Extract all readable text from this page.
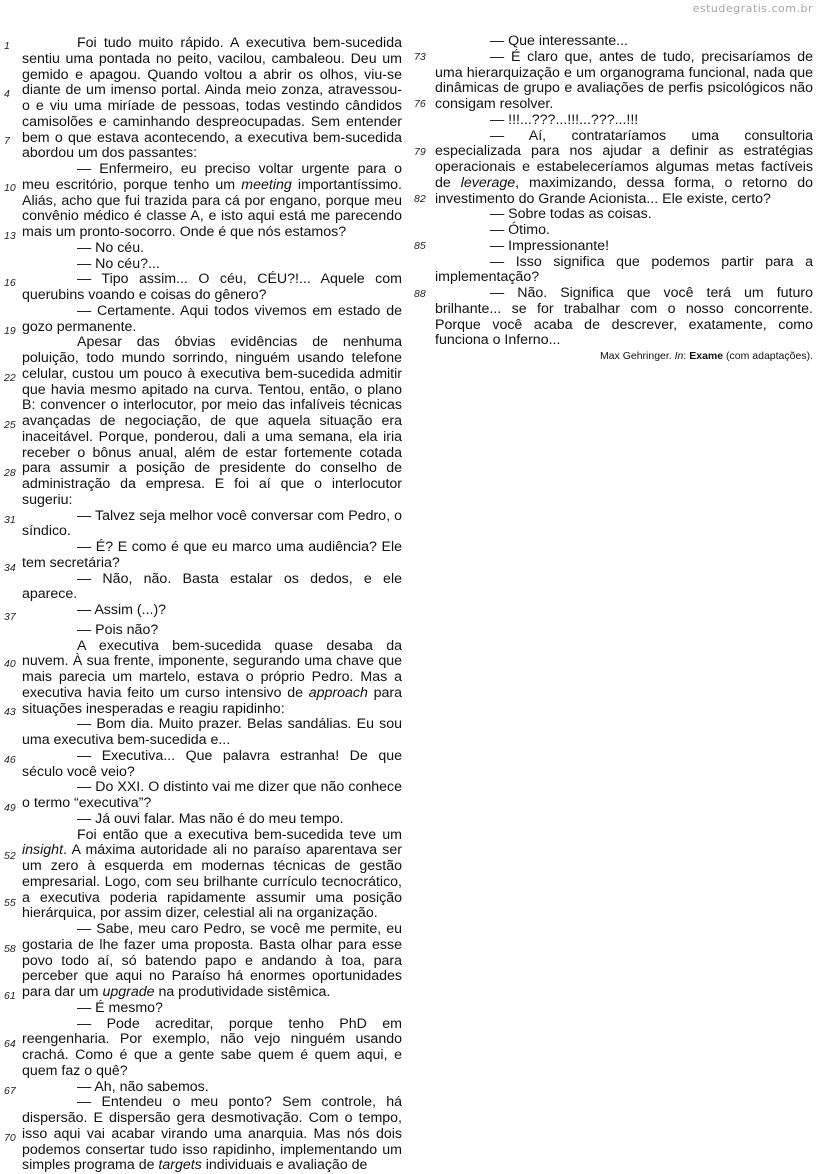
estudegratis.com.br
1
4
7
10
13
16
19
22
25
28
31
34
37
40
43
46
49
52
55
58
61
64
67
70
73
76
79
82
85
88

Foi tudo muito rápido. A executiva bem-sucedida sentiu uma pontada no peito, vacilou, cambaleou. Deu um gemido e apagou. Quando voltou a abrir os olhos, viu-se diante de um imenso portal. Ainda meio zonza, atravessou-o e viu uma miríade de pessoas, todas vestindo cândidos camisolões e caminhando despreocupadas. Sem entender bem o que estava acontecendo, a executiva bem-sucedida abordou um dos passantes:

— Enfermeiro, eu preciso voltar urgente para o meu escritório, porque tenho um meeting importantíssimo. Aliás, acho que fui trazida para cá por engano, porque meu convênio médico é classe A, e isto aqui está me parecendo mais um pronto-socorro. Onde é que nós estamos?

— No céu.

— No céu?...

— Tipo assim... O céu, CÉU?!... Aquele com querubins voando e coisas do gênero?

— Certamente. Aqui todos vivemos em estado de gozo permanente.

Apesar das óbvias evidências de nenhuma poluição, todo mundo sorrindo, ninguém usando telefone celular, custou um pouco à executiva bem-sucedida admitir que havia mesmo apitado na curva. Tentou, então, o plano B: convencer o interlocutor, por meio das infalíveis técnicas avançadas de negociação, de que aquela situação era inaceitável. Porque, ponderou, dali a uma semana, ela iria receber o bônus anual, além de estar fortemente cotada para assumir a posição de presidente do conselho de administração da empresa. E foi aí que o interlocutor sugeriu:

— Talvez seja melhor você conversar com Pedro, o síndico.

— É? E como é que eu marco uma audiência? Ele tem secretária?

— Não, não. Basta estalar os dedos, e ele aparece.

— Assim (...)?

— Pois não?

A executiva bem-sucedida quase desaba da nuvem. À sua frente, imponente, segurando uma chave que mais parecia um martelo, estava o próprio Pedro. Mas a executiva havia feito um curso intensivo de approach para situações inesperadas e reagiu rapidinho:

— Bom dia. Muito prazer. Belas sandálias. Eu sou uma executiva bem-sucedida e...

— Executiva... Que palavra estranha! De que século você veio?

— Do XXI. O distinto vai me dizer que não conhece o termo “executiva”?

— Já ouvi falar. Mas não é do meu tempo.

Foi então que a executiva bem-sucedida teve um insight. A máxima autoridade ali no paraíso aparentava ser um zero à esquerda em modernas técnicas de gestão empresarial. Logo, com seu brilhante currículo tecnocrático, a executiva poderia rapidamente assumir uma posição hierárquica, por assim dizer, celestial ali na organização.

— Sabe, meu caro Pedro, se você me permite, eu gostaria de lhe fazer uma proposta. Basta olhar para esse povo todo aí, só batendo papo e andando à toa, para perceber que aqui no Paraíso há enormes oportunidades para dar um upgrade na produtividade sistêmica.

— É mesmo?

— Pode acreditar, porque tenho PhD em reengenharia. Por exemplo, não vejo ninguém usando crachá. Como é que a gente sabe quem é quem aqui, e quem faz o quê?

— Ah, não sabemos.

— Entendeu o meu ponto? Sem controle, há dispersão. E dispersão gera desmotivação. Com o tempo, isso aqui vai acabar virando uma anarquia. Mas nós dois podemos consertar tudo isso rapidinho, implementando um simples programa de targets individuais e avaliação de

— Que interessante...

— É claro que, antes de tudo, precisaríamos de uma hierarquização e um organograma funcional, nada que dinâmicas de grupo e avaliações de perfis psicológicos não consigam resolver.

— !!!...???...!!!...???...!!!

— Aí, contrataríamos uma consultoria especializada para nos ajudar a definir as estratégias operacionais e estabeleceríamos algumas metas factíveis de leverage, maximizando, dessa forma, o retorno do investimento do Grande Acionista... Ele existe, certo?

— Sobre todas as coisas.

— Ótimo.

— Impressionante!

— Isso significa que podemos partir para a implementação?

— Não. Significa que você terá um futuro brilhante... se for trabalhar com o nosso concorrente. Porque você acaba de descrever, exatamente, como funciona o Inferno...

Max Gehringer. In: Exame (com adaptações).
